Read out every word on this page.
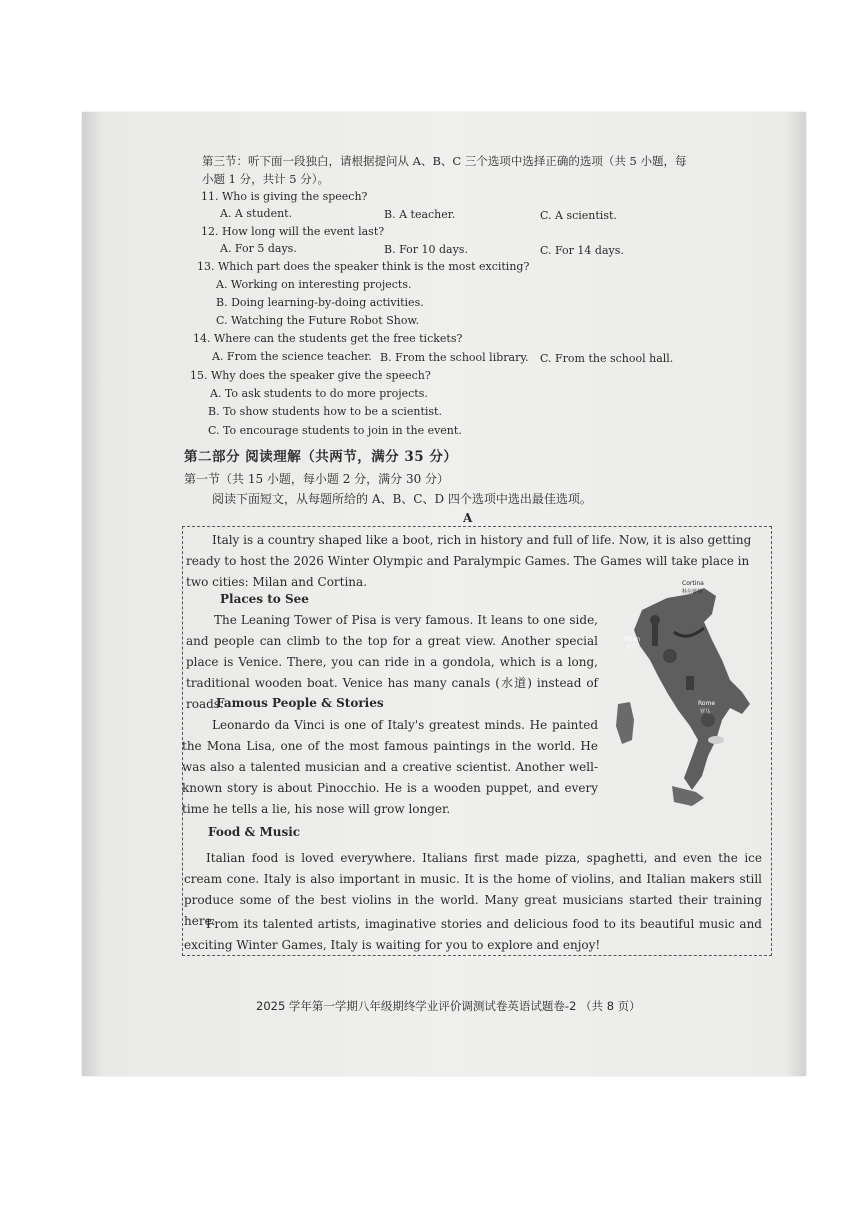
第三节：听下面一段独白，请根据提问从 A、B、C 三个选项中选择正确的选项（共 5 小题，每
小题 1 分，共计 5 分）。
11. Who is giving the speech?
A. A student.	B. A teacher.	C. A scientist.
12. How long will the event last?
A. For 5 days.	B. For 10 days.	C. For 14 days.
13. Which part does the speaker think is the most exciting?
A. Working on interesting projects.
B. Doing learning-by-doing activities.
C. Watching the Future Robot Show.
14. Where can the students get the free tickets?
A. From the science teacher. B. From the school library. C. From the school hall.
15. Why does the speaker give the speech?
A. To ask students to do more projects.
B. To show students how to be a scientist.
C. To encourage students to join in the event.
第二部分 阅读理解（共两节，满分 35 分）
第一节（共 15 小题，每小题 2 分，满分 30 分）
阅读下面短文，从每题所给的 A、B、C、D 四个选项中选出最佳选项。
A
Italy is a country shaped like a boot, rich in history and full of life. Now, it is also getting ready to host the 2026 Winter Olympic and Paralympic Games. The Games will take place in two cities: Milan and Cortina.
Places to See
The Leaning Tower of Pisa is very famous. It leans to one side, and people can climb to the top for a great view. Another special place is Venice. There, you can ride in a gondola, which is a long, traditional wooden boat. Venice has many canals (水道) instead of roads.
Famous People & Stories
Leonardo da Vinci is one of Italy's greatest minds. He painted the Mona Lisa, one of the most famous paintings in the world. He was also a talented musician and a creative scientist. Another well-known story is about Pinocchio. He is a wooden puppet, and every time he tells a lie, his nose will grow longer.
Food & Music
Italian food is loved everywhere. Italians first made pizza, spaghetti, and even the ice cream cone. Italy is also important in music. It is the home of violins, and Italian makers still produce some of the best violins in the world. Many great musicians started their training here.
From its talented artists, imaginative stories and delicious food to its beautiful music and exciting Winter Games, Italy is waiting for you to explore and enjoy!
Cortina
科尔蒂纳
Milan
米兰
Rome
罗马
2025 学年第一学期八年级期终学业评价调测试卷英语试题卷-2 （共 8 页）
